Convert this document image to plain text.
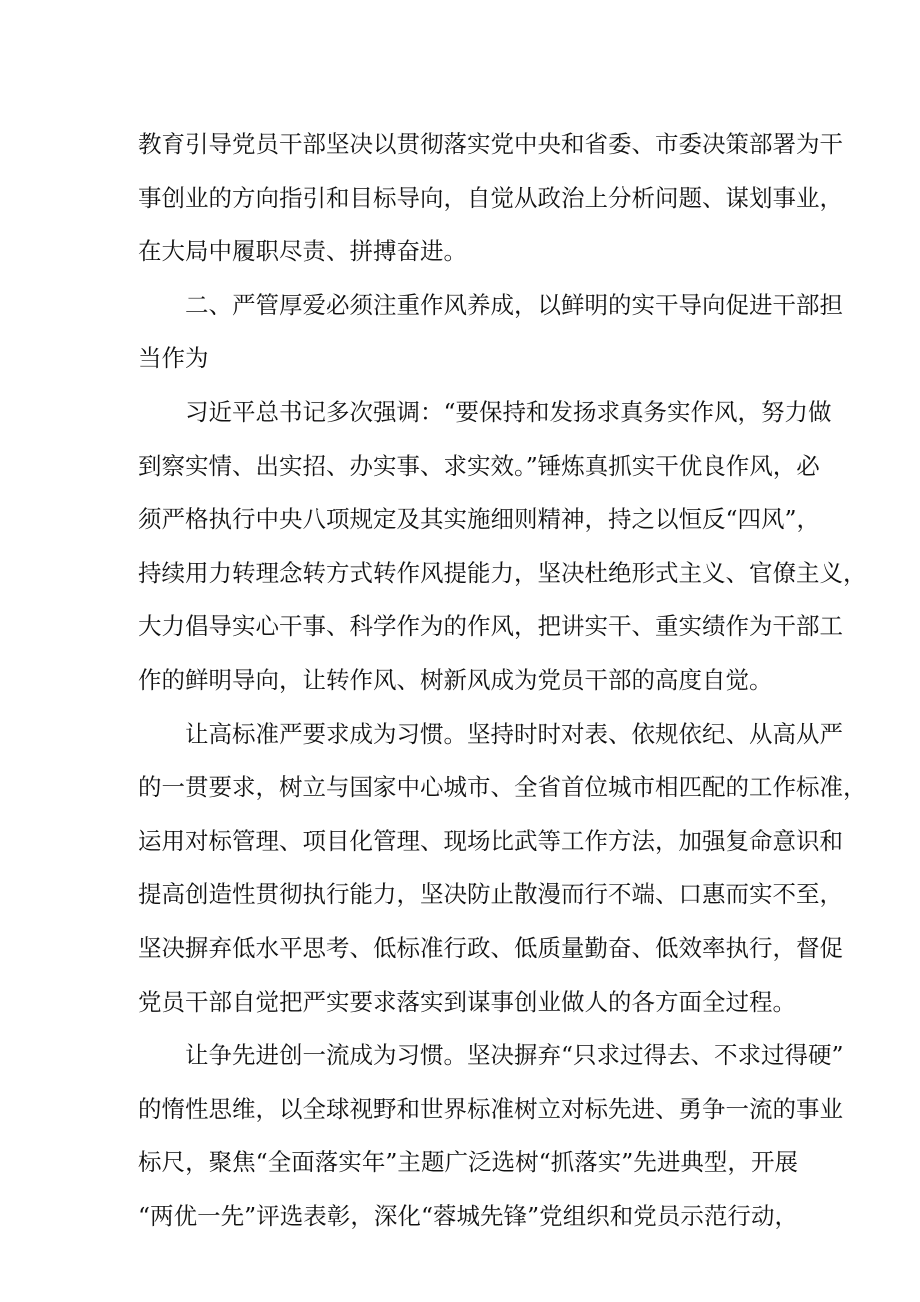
教育引导党员干部坚决以贯彻落实党中央和省委、市委决策部署为干
事创业的方向指引和目标导向，自觉从政治上分析问题、谋划事业，
在大局中履职尽责、拼搏奋进。
二、严管厚爱必须注重作风养成，以鲜明的实干导向促进干部担
当作为
习近平总书记多次强调：“要保持和发扬求真务实作风，努力做
到察实情、出实招、办实事、求实效。”锤炼真抓实干优良作风，必
须严格执行中央八项规定及其实施细则精神，持之以恒反“四风”，
持续用力转理念转方式转作风提能力，坚决杜绝形式主义、官僚主义，
大力倡导实心干事、科学作为的作风，把讲实干、重实绩作为干部工
作的鲜明导向，让转作风、树新风成为党员干部的高度自觉。
让高标准严要求成为习惯。坚持时时对表、依规依纪、从高从严
的一贯要求，树立与国家中心城市、全省首位城市相匹配的工作标准，
运用对标管理、项目化管理、现场比武等工作方法，加强复命意识和
提高创造性贯彻执行能力，坚决防止散漫而行不端、口惠而实不至，
坚决摒弃低水平思考、低标准行政、低质量勤奋、低效率执行，督促
党员干部自觉把严实要求落实到谋事创业做人的各方面全过程。
让争先进创一流成为习惯。坚决摒弃“只求过得去、不求过得硬”
的惰性思维，以全球视野和世界标准树立对标先进、勇争一流的事业
标尺，聚焦“全面落实年”主题广泛选树“抓落实”先进典型，开展
“两优一先”评选表彰，深化“蓉城先锋”党组织和党员示范行动，
